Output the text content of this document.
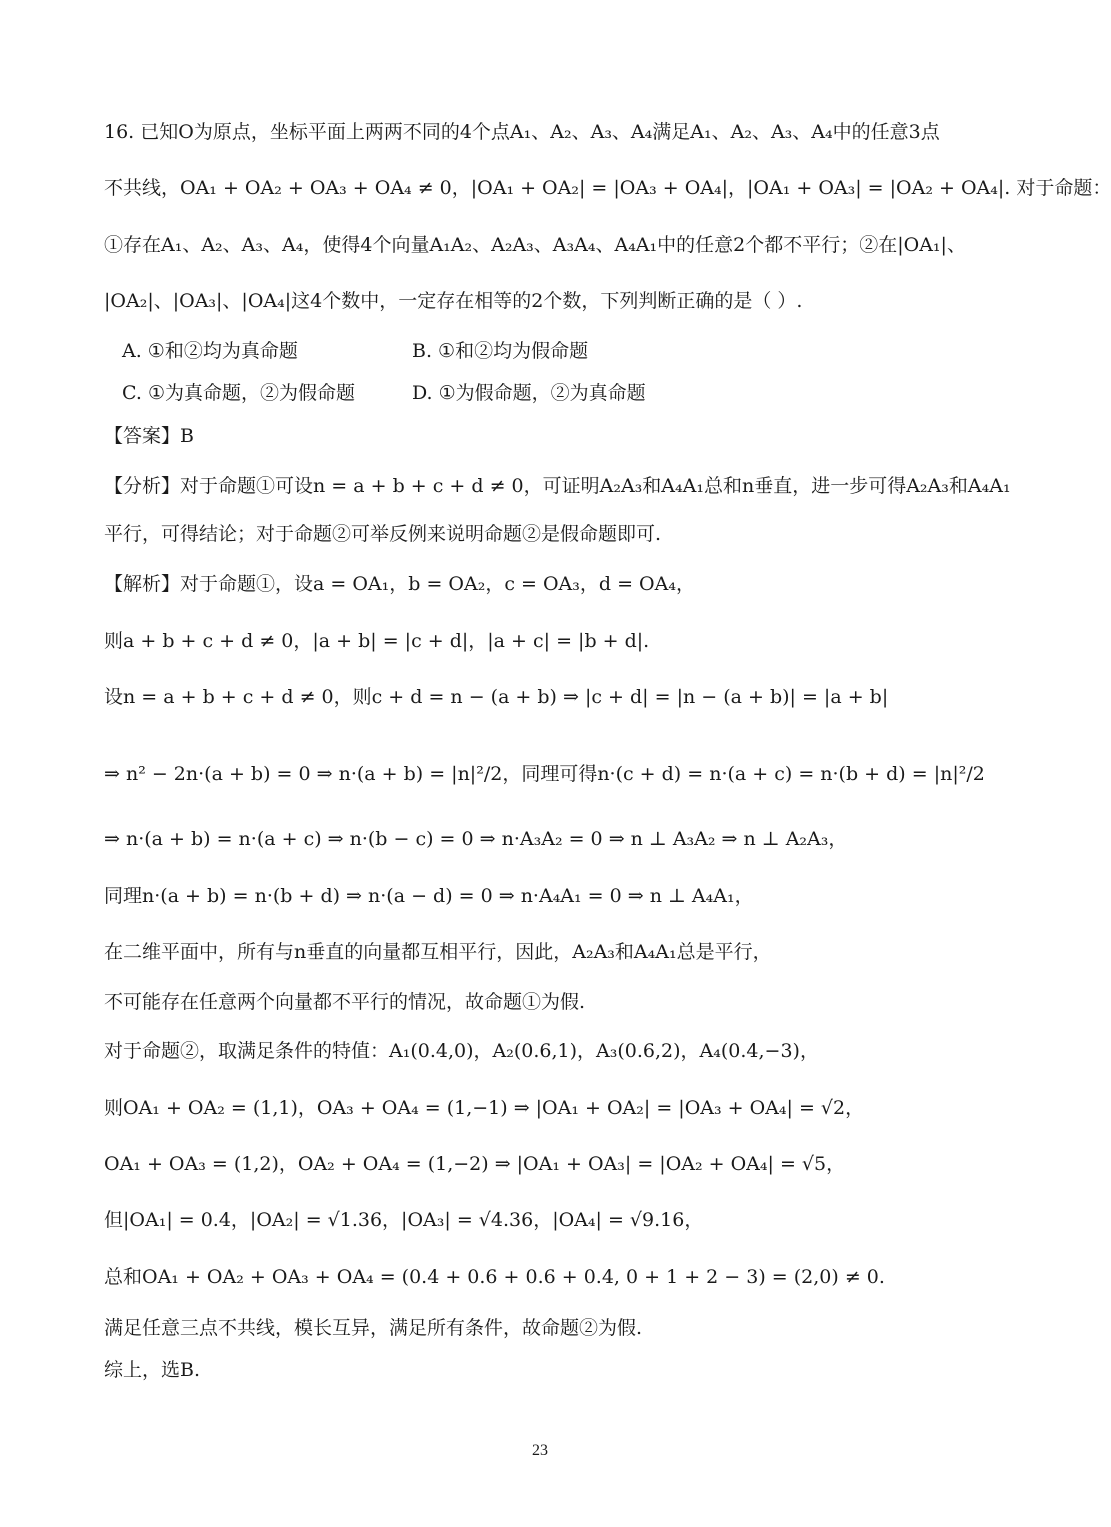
16. 已知O为原点，坐标平面上两两不同的4个点A₁、A₂、A₃、A₄满足A₁、A₂、A₃、A₄中的任意3点
不共线，OA₁ + OA₂ + OA₃ + OA₄ ≠ 0，|OA₁ + OA₂| = |OA₃ + OA₄|，|OA₁ + OA₃| = |OA₂ + OA₄|. 对于命题：
①存在A₁、A₂、A₃、A₄，使得4个向量A₁A₂、A₂A₃、A₃A₄、A₄A₁中的任意2个都不平行；②在|OA₁|、
|OA₂|、|OA₃|、|OA₄|这4个数中，一定存在相等的2个数，下列判断正确的是（ ）.
A. ①和②均为真命题	B. ①和②均为假命题
C. ①为真命题，②为假命题	D. ①为假命题，②为真命题
【答案】B
【分析】对于命题①可设n = a + b + c + d ≠ 0，可证明A₂A₃和A₄A₁总和n垂直，进一步可得A₂A₃和A₄A₁
平行，可得结论；对于命题②可举反例来说明命题②是假命题即可.
【解析】对于命题①，设a = OA₁，b = OA₂，c = OA₃，d = OA₄，
则a + b + c + d ≠ 0，|a + b| = |c + d|，|a + c| = |b + d|.
设n = a + b + c + d ≠ 0，则c + d = n − (a + b) ⇒ |c + d| = |n − (a + b)| = |a + b|
⇒ n² − 2n·(a + b) = 0 ⇒ n·(a + b) = |n|²/2，同理可得n·(c + d) = n·(a + c) = n·(b + d) = |n|²/2
⇒ n·(a + b) = n·(a + c) ⇒ n·(b − c) = 0 ⇒ n·A₃A₂ = 0 ⇒ n ⊥ A₃A₂ ⇒ n ⊥ A₂A₃，
同理n·(a + b) = n·(b + d) ⇒ n·(a − d) = 0 ⇒ n·A₄A₁ = 0 ⇒ n ⊥ A₄A₁，
在二维平面中，所有与n垂直的向量都互相平行，因此，A₂A₃和A₄A₁总是平行，
不可能存在任意两个向量都不平行的情况，故命题①为假.
对于命题②，取满足条件的特值：A₁(0.4,0)，A₂(0.6,1)，A₃(0.6,2)，A₄(0.4,−3)，
则OA₁ + OA₂ = (1,1)，OA₃ + OA₄ = (1,−1) ⇒ |OA₁ + OA₂| = |OA₃ + OA₄| = √2，
OA₁ + OA₃ = (1,2)，OA₂ + OA₄ = (1,−2) ⇒ |OA₁ + OA₃| = |OA₂ + OA₄| = √5，
但|OA₁| = 0.4，|OA₂| = √1.36，|OA₃| = √4.36，|OA₄| = √9.16，
总和OA₁ + OA₂ + OA₃ + OA₄ = (0.4 + 0.6 + 0.6 + 0.4, 0 + 1 + 2 − 3) = (2,0) ≠ 0.
满足任意三点不共线，模长互异，满足所有条件，故命题②为假.
综上，选B.
23
